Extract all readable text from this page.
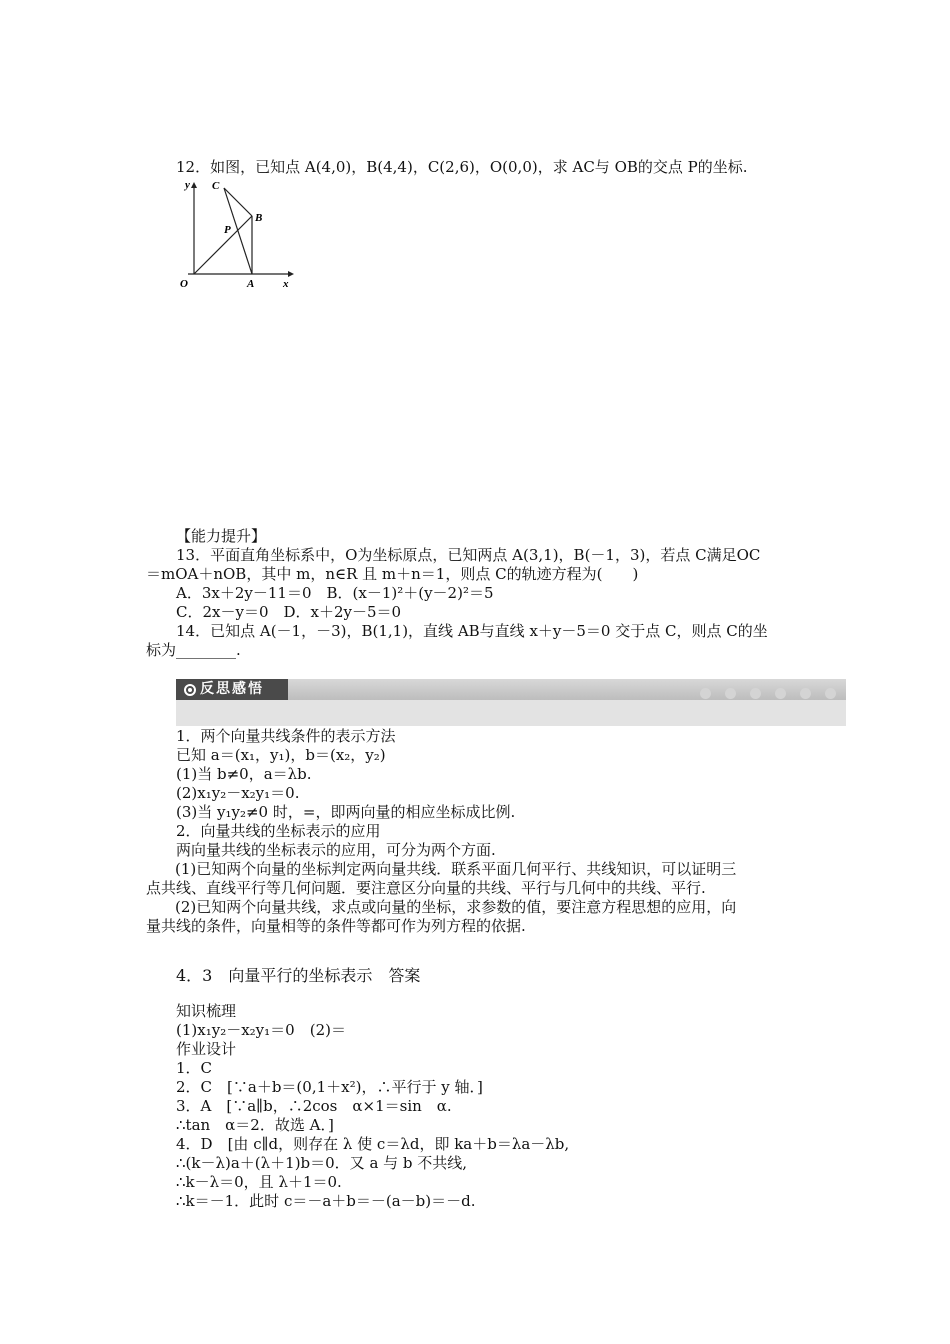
12．如图，已知点 A(4,0)，B(4,4)，C(2,6)，O(0,0)，求 AC与 OB的交点 P的坐标.
y
x
O	A
B
C
P
【能力提升】
13．平面直角坐标系中，O为坐标原点，已知两点 A(3,1)，B(－1，3)，若点 C满足OC
＝mOA＋nOB，其中 m，n∈R 且 m＋n＝1，则点 C的轨迹方程为(　　)
A．3x＋2y－11＝0　B．(x－1)²＋(y－2)²＝5
C．2x－y＝0　D．x＋2y－5＝0
14．已知点 A(－1，－3)，B(1,1)，直线 AB与直线 x＋y－5＝0 交于点 C，则点 C的坐
标为________.
反思感悟

1．两个向量共线条件的表示方法
已知 a＝(x₁，y₁)，b＝(x₂，y₂)
(1)当 b≠0，a＝λb.
(2)x₁y₂－x₂y₁＝0.
(3)当 y₁y₂≠0 时，=，即两向量的相应坐标成比例.
2．向量共线的坐标表示的应用
两向量共线的坐标表示的应用，可分为两个方面.
　(1)已知两个向量的坐标判定两向量共线．联系平面几何平行、共线知识，可以证明三
点共线、直线平行等几何问题．要注意区分向量的共线、平行与几何中的共线、平行.
　(2)已知两个向量共线，求点或向量的坐标，求参数的值，要注意方程思想的应用，向
量共线的条件，向量相等的条件等都可作为列方程的依据.
4．3　向量平行的坐标表示　答案
知识梳理
(1)x₁y₂－x₂y₁＝0　(2)＝
作业设计
1．C
2．C　[∵a＋b＝(0,1＋x²)，∴平行于 y 轴．]
3．A　[∵a∥b，∴2cos　α×1＝sin　α.
∴tan　α＝2．故选 A．]
4．D　[由 c∥d，则存在 λ 使 c＝λd，即 ka＋b＝λa－λb,
∴(k－λ)a＋(λ＋1)b＝0．又 a 与 b 不共线,
∴k－λ＝0，且 λ＋1＝0.
∴k＝－1．此时 c＝－a＋b＝－(a－b)＝－d.
